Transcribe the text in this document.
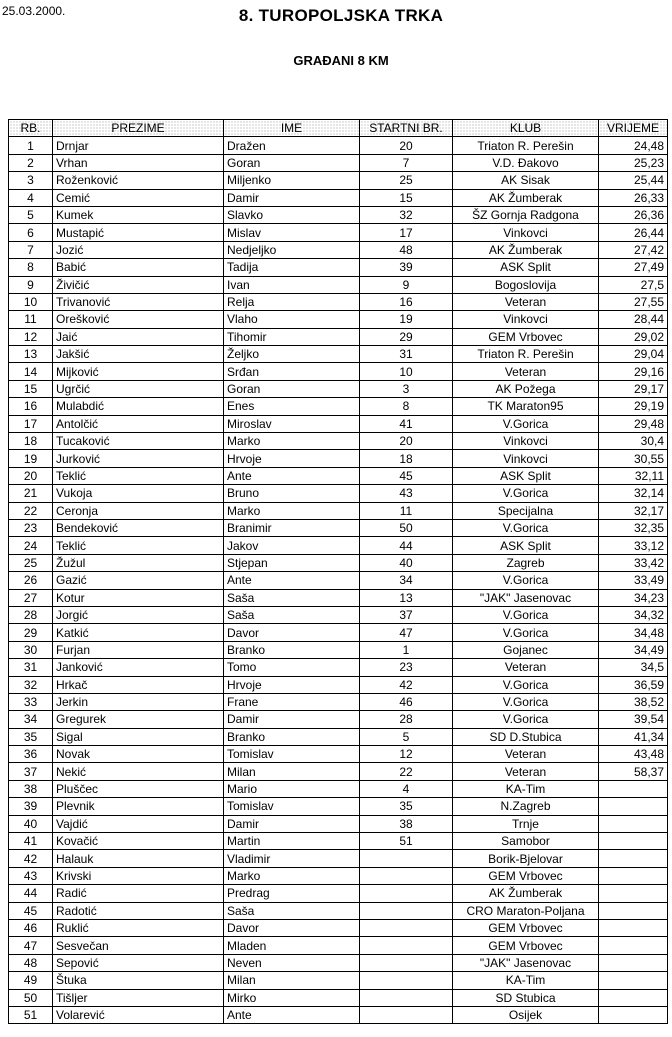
25.03.2000.	8. TUROPOLJSKA TRKA
GRAĐANI 8 KM
RB.	PREZIME	IME	STARTNI BR.	KLUB	VRIJEME
1	Drnjar	Dražen	20	Triaton R. Perešin	24,48
2	Vrhan	Goran	7	V.D. Đakovo	25,23
3	Roženković	Miljenko	25	AK Sisak	25,44
4	Cemić	Damir	15	AK Žumberak	26,33
5	Kumek	Slavko	32	ŠZ Gornja Radgona	26,36
6	Mustapić	Mislav	17	Vinkovci	26,44
7	Jozić	Nedjeljko	48	AK Žumberak	27,42
8	Babić	Tadija	39	ASK Split	27,49
9	Živičić	Ivan	9	Bogoslovija	27,5
10	Trivanović	Relja	16	Veteran	27,55
11	Orešković	Vlaho	19	Vinkovci	28,44
12	Jaić	Tihomir	29	GEM Vrbovec	29,02
13	Jakšić	Željko	31	Triaton R. Perešin	29,04
14	Mijković	Srđan	10	Veteran	29,16
15	Ugrčić	Goran	3	AK Požega	29,17
16	Mulabdić	Enes	8	TK Maraton95	29,19
17	Antolčić	Miroslav	41	V.Gorica	29,48
18	Tucaković	Marko	20	Vinkovci	30,4
19	Jurković	Hrvoje	18	Vinkovci	30,55
20	Teklić	Ante	45	ASK Split	32,11
21	Vukoja	Bruno	43	V.Gorica	32,14
22	Ceronja	Marko	11	Specijalna	32,17
23	Bendeković	Branimir	50	V.Gorica	32,35
24	Teklić	Jakov	44	ASK Split	33,12
25	Žužul	Stjepan	40	Zagreb	33,42
26	Gazić	Ante	34	V.Gorica	33,49
27	Kotur	Saša	13	"JAK" Jasenovac	34,23
28	Jorgić	Saša	37	V.Gorica	34,32
29	Katkić	Davor	47	V.Gorica	34,48
30	Furjan	Branko	1	Gojanec	34,49
31	Janković	Tomo	23	Veteran	34,5
32	Hrkač	Hrvoje	42	V.Gorica	36,59
33	Jerkin	Frane	46	V.Gorica	38,52
34	Gregurek	Damir	28	V.Gorica	39,54
35	Sigal	Branko	5	SD D.Stubica	41,34
36	Novak	Tomislav	12	Veteran	43,48
37	Nekić	Milan	22	Veteran	58,37
38	Pluščec	Mario	4	KA-Tim	
39	Plevnik	Tomislav	35	N.Zagreb	
40	Vajdić	Damir	38	Trnje	
41	Kovačić	Martin	51	Samobor	
42	Halauk	Vladimir		Borik-Bjelovar	
43	Krivski	Marko		GEM Vrbovec	
44	Radić	Predrag		AK Žumberak	
45	Radotić	Saša		CRO Maraton-Poljana	
46	Ruklić	Davor		GEM Vrbovec	
47	Sesvečan	Mladen		GEM Vrbovec	
48	Sepović	Neven		"JAK" Jasenovac	
49	Štuka	Milan		KA-Tim	
50	Tišljer	Mirko		SD Stubica	
51	Volarević	Ante		Osijek	
